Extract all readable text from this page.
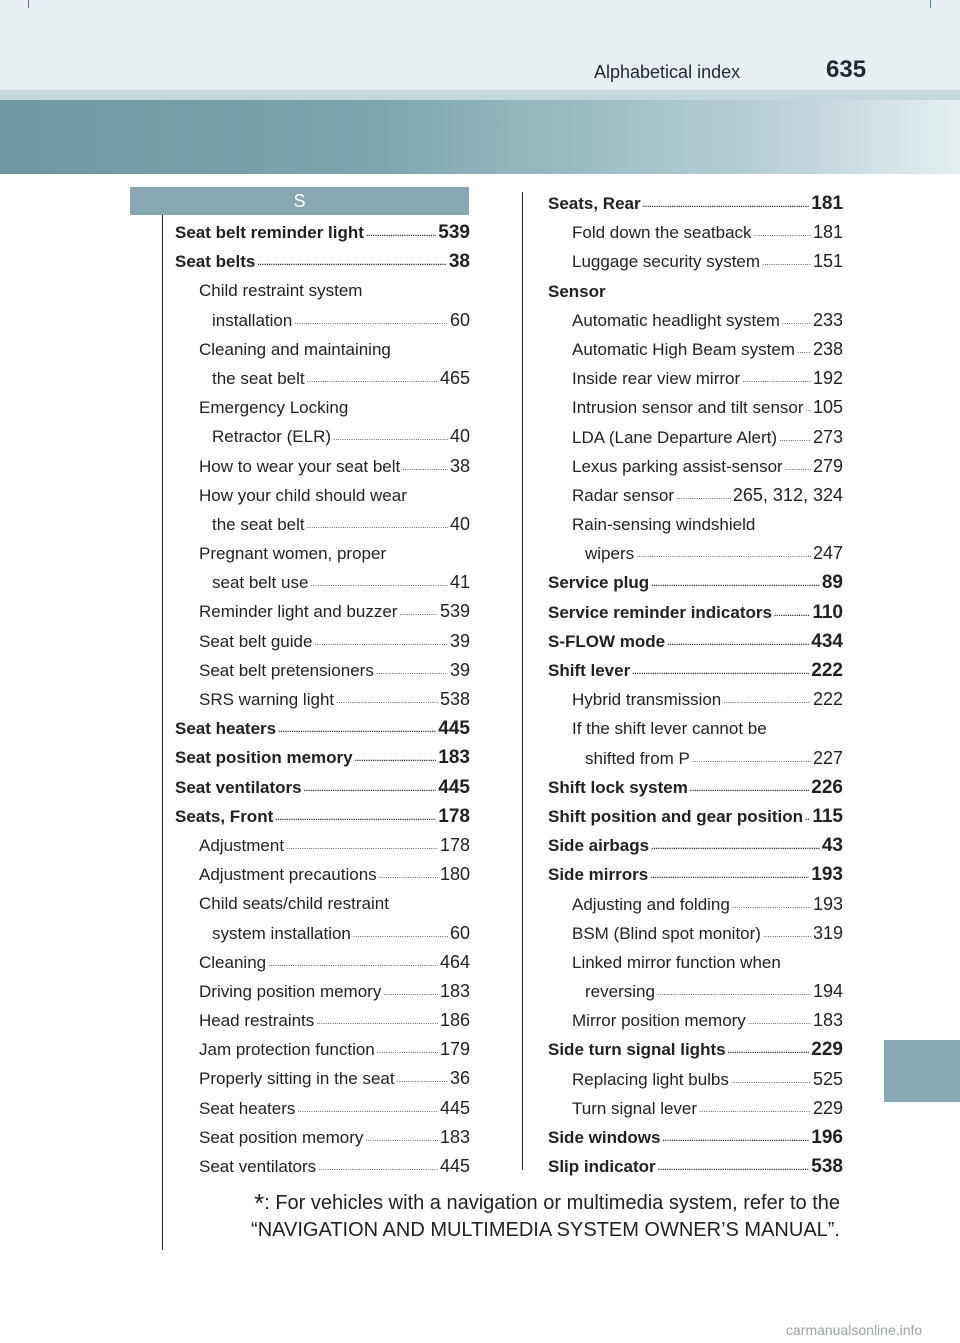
Alphabetical index	635
S
Seat belt reminder light .....	539
Seat belts .....	38
Child restraint system
installation .....	60
Cleaning and maintaining
the seat belt .....	465
Emergency Locking
Retractor (ELR) .....	40
How to wear your seat belt .....	38
How your child should wear
the seat belt .....	40
Pregnant women, proper
seat belt use .....	41
Reminder light and buzzer ..... 539
Seat belt guide .....	39
Seat belt pretensioners .....	39
SRS warning light .....	538
Seat heaters .....	445
Seat position memory .....	183
Seat ventilators .....	445
Seats, Front .....	178
Adjustment .....	178
Adjustment precautions .....	180
Child seats/child restraint
system installation .....	60
Cleaning .....	464
Driving position memory .....	183
Head restraints .....	186
Jam protection function .....	179
Properly sitting in the seat .....	36
Seat heaters .....	445
Seat position memory .....	183
Seat ventilators .....	445
Seats, Rear .....	181
Fold down the seatback .....	181
Luggage security system .....	151
Sensor
Automatic headlight system ..... 233
Automatic High Beam system ..... 238
Inside rear view mirror .....	192
Intrusion sensor and tilt sensor ..... 105
LDA (Lane Departure Alert) ..... 273
Lexus parking assist-sensor ..... 279
Radar sensor .....	265, 312, 324
Rain-sensing windshield
wipers .....	247
Service plug .....	89
Service reminder indicators ..... 110
S-FLOW mode .....	434
Shift lever .....	222
Hybrid transmission .....	222
If the shift lever cannot be
shifted from P .....	227
Shift lock system .....	226
Shift position and gear position ..... 115
Side airbags .....	43
Side mirrors .....	193
Adjusting and folding .....	193
BSM (Blind spot monitor) .....	319
Linked mirror function when
reversing .....	194
Mirror position memory .....	183
Side turn signal lights .....	229
Replacing light bulbs .....	525
Turn signal lever .....	229
Side windows .....	196
Slip indicator .....	538
*: For vehicles with a navigation or multimedia system, refer to the
“NAVIGATION AND MULTIMEDIA SYSTEM OWNER’S MANUAL”.
carmanualsonline.info
